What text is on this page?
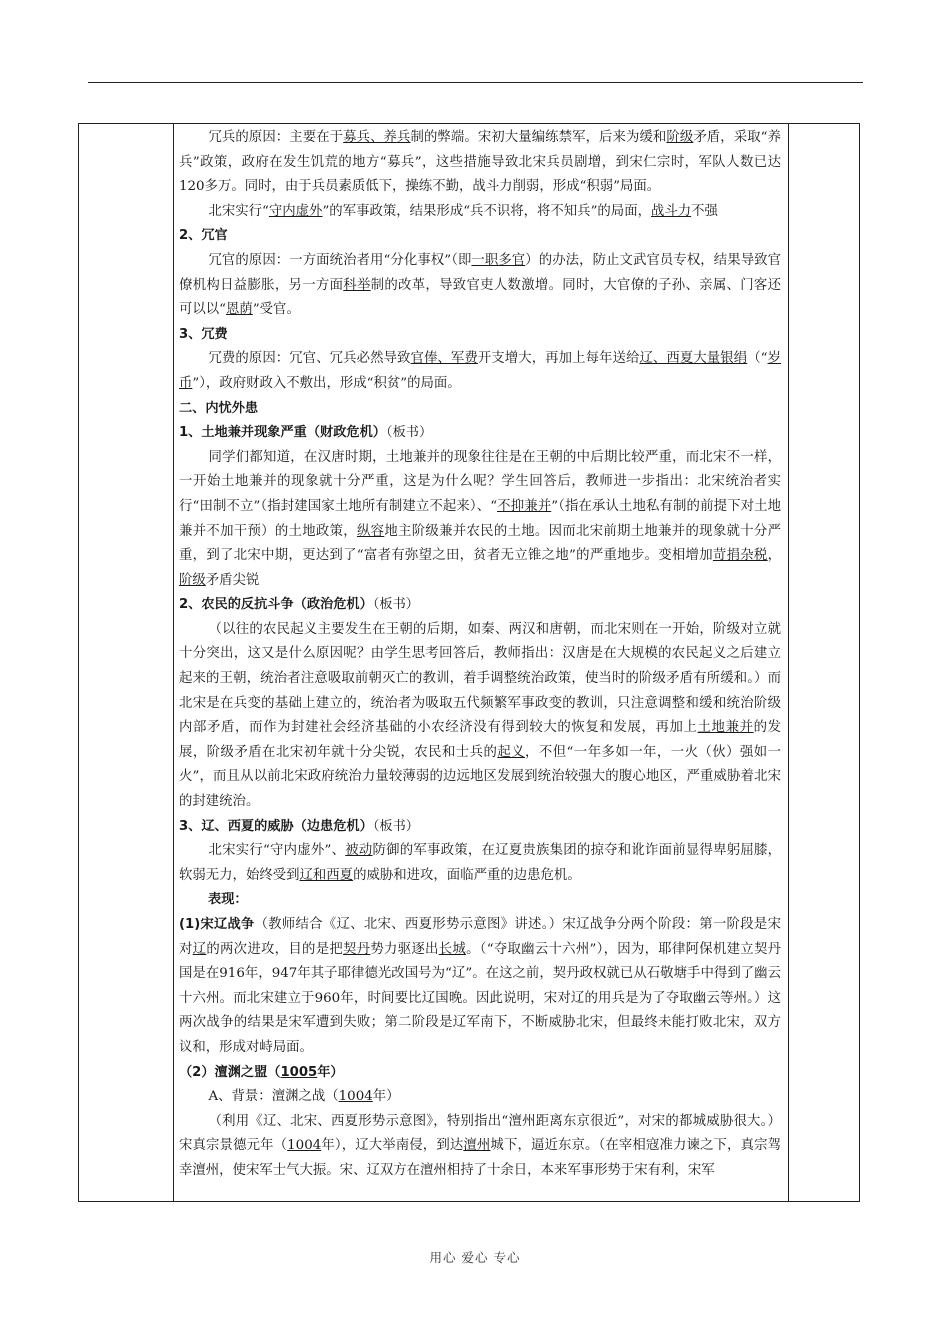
冗兵的原因：主要在于募兵、养兵制的弊端。宋初大量编练禁军，后来为缓和阶级矛盾，采取“养兵”政策，政府在发生饥荒的地方“募兵”，这些措施导致北宋兵员剧增，到宋仁宗时，军队人数已达120多万。同时，由于兵员素质低下，操练不勤，战斗力削弱，形成“积弱”局面。

北宋实行“守内虚外”的军事政策，结果形成“兵不识将，将不知兵”的局面，战斗力不强

2、冗官

冗官的原因：一方面统治者用“分化事权”（即一职多官）的办法，防止文武官员专权，结果导致官僚机构日益膨胀，另一方面科举制的改革，导致官吏人数激增。同时，大官僚的子孙、亲属、门客还可以以“恩荫”受官。

3、冗费

冗费的原因：冗官、冗兵必然导致官俸、军费开支增大，再加上每年送给辽、西夏大量银绢（“岁币”），政府财政入不敷出，形成“积贫”的局面。

二、内忧外患

1、土地兼并现象严重（财政危机）（板书）

同学们都知道，在汉唐时期，土地兼并的现象往往是在王朝的中后期比较严重，而北宋不一样，一开始土地兼并的现象就十分严重，这是为什么呢？学生回答后，教师进一步指出：北宋统治者实行“田制不立”（指封建国家土地所有制建立不起来）、“不抑兼并”（指在承认土地私有制的前提下对土地兼并不加干预）的土地政策，纵容地主阶级兼并农民的土地。因而北宋前期土地兼并的现象就十分严重，到了北宋中期，更达到了“富者有弥望之田，贫者无立锥之地”的严重地步。变相增加苛捐杂税，阶级矛盾尖锐

2、农民的反抗斗争（政治危机）（板书）

（以往的农民起义主要发生在王朝的后期，如秦、两汉和唐朝，而北宋则在一开始，阶级对立就十分突出，这又是什么原因呢？由学生思考回答后，教师指出：汉唐是在大规模的农民起义之后建立起来的王朝，统治者注意吸取前朝灭亡的教训，着手调整统治政策，使当时的阶级矛盾有所缓和。）而北宋是在兵变的基础上建立的，统治者为吸取五代频繁军事政变的教训，只注意调整和缓和统治阶级内部矛盾，而作为封建社会经济基础的小农经济没有得到较大的恢复和发展，再加上土地兼并的发展，阶级矛盾在北宋初年就十分尖锐，农民和士兵的起义，不但“一年多如一年，一火（伙）强如一火”，而且从以前北宋政府统治力量较薄弱的边远地区发展到统治较强大的腹心地区，严重威胁着北宋的封建统治。

3、辽、西夏的威胁（边患危机）（板书）

北宋实行“守内虚外”、被动防御的军事政策，在辽夏贵族集团的掠夺和讹诈面前显得卑躬屈膝，软弱无力，始终受到辽和西夏的威胁和进攻，面临严重的边患危机。

表现：

(1)宋辽战争（教师结合《辽、北宋、西夏形势示意图》讲述。）宋辽战争分两个阶段：第一阶段是宋对辽的两次进攻，目的是把契丹势力驱逐出长城。（“夺取幽云十六州”），因为，耶律阿保机建立契丹国是在916年，947年其子耶律德光改国号为“辽”。在这之前，契丹政权就已从石敬塘手中得到了幽云十六州。而北宋建立于960年，时间要比辽国晚。因此说明，宋对辽的用兵是为了夺取幽云等州。）这两次战争的结果是宋军遭到失败；第二阶段是辽军南下，不断威胁北宋，但最终未能打败北宋，双方议和，形成对峙局面。

（2）澶渊之盟（1005年）

A、背景：澶渊之战（1004年）

（利用《辽、北宋、西夏形势示意图》，特别指出“澶州距离东京很近”，对宋的都城威胁很大。）宋真宗景德元年（1004年），辽大举南侵，到达澶州城下，逼近东京。（在宰相寇准力谏之下，真宗驾幸澶州，使宋军士气大振。宋、辽双方在澶州相持了十余日，本来军事形势于宋有利，宋军

用心 爱心 专心
